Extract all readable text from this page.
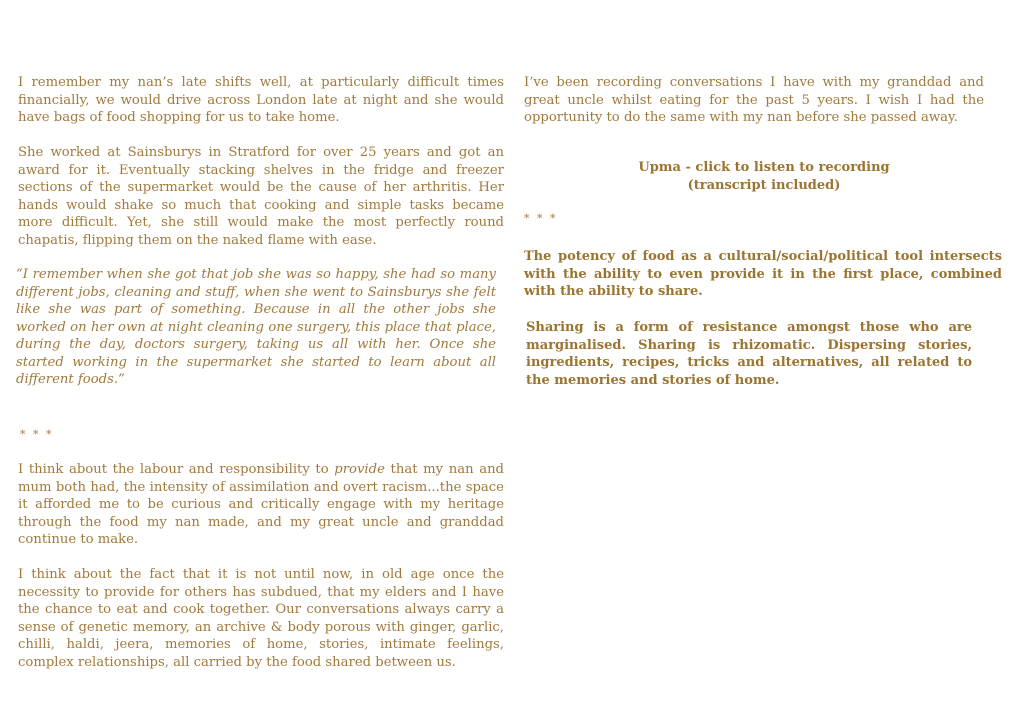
I remember my nan’s late shifts well, at particularly difficult times financially, we would drive across London late at night and she would have bags of food shopping for us to take home.

She worked at Sainsburys in Stratford for over 25 years and got an award for it. Eventually stacking shelves in the fridge and freezer sections of the supermarket would be the cause of her arthritis. Her hands would shake so much that cooking and simple tasks became more difficult. Yet, she still would make the most perfectly round chapatis, flipping them on the naked flame with ease.

“I remember when she got that job she was so happy, she had so many different jobs, cleaning and stuff, when she went to Sainsburys she felt like she was part of something. Because in all the other jobs she worked on her own at night cleaning one surgery, this place that place, during the day, doctors surgery, taking us all with her. Once she started working in the supermarket she started to learn about all different foods.”

* * *

I think about the labour and responsibility to provide that my nan and mum both had, the intensity of assimilation and overt racism...the space it afforded me to be curious and critically engage with my heritage through the food my nan made, and my great uncle and granddad continue to make.

I think about the fact that it is not until now, in old age once the necessity to provide for others has subdued, that my elders and I have the chance to eat and cook together. Our conversations always carry a sense of genetic memory, an archive & body porous with ginger, garlic, chilli, haldi, jeera, memories of home, stories, intimate feelings, complex relationships, all carried by the food shared between us.

I’ve been recording conversations I have with my granddad and great uncle whilst eating for the past 5 years. I wish I had the opportunity to do the same with my nan before she passed away.

Upma - click to listen to recording
(transcript included)
* * *

The potency of food as a cultural/social/political tool intersects with the ability to even provide it in the first place, combined with the ability to share.

Sharing is a form of resistance amongst those who are marginalised. Sharing is rhizomatic. Dispersing stories, ingredients, recipes, tricks and alternatives, all related to the memories and stories of home.
